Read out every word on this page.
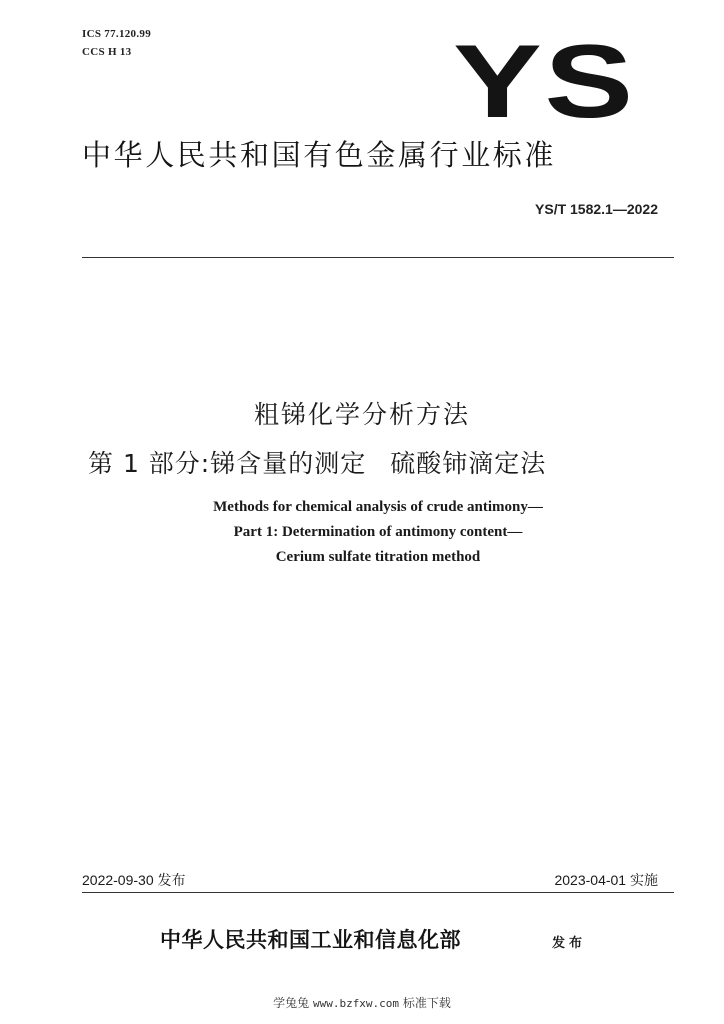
ICS 77.120.99
CCS H 13	YS
中华人民共和国有色金属行业标准
YS/T 1582.1—2022
粗锑化学分析方法
第 1 部分:锑含量的测定 硫酸铈滴定法
Methods for chemical analysis of crude antimony—
Part 1: Determination of antimony content—
Cerium sulfate titration method
2022-09-30 发布	2023-04-01 实施
中华人民共和国工业和信息化部	发布
学兔兔 www.bzfxw.com 标准下载
